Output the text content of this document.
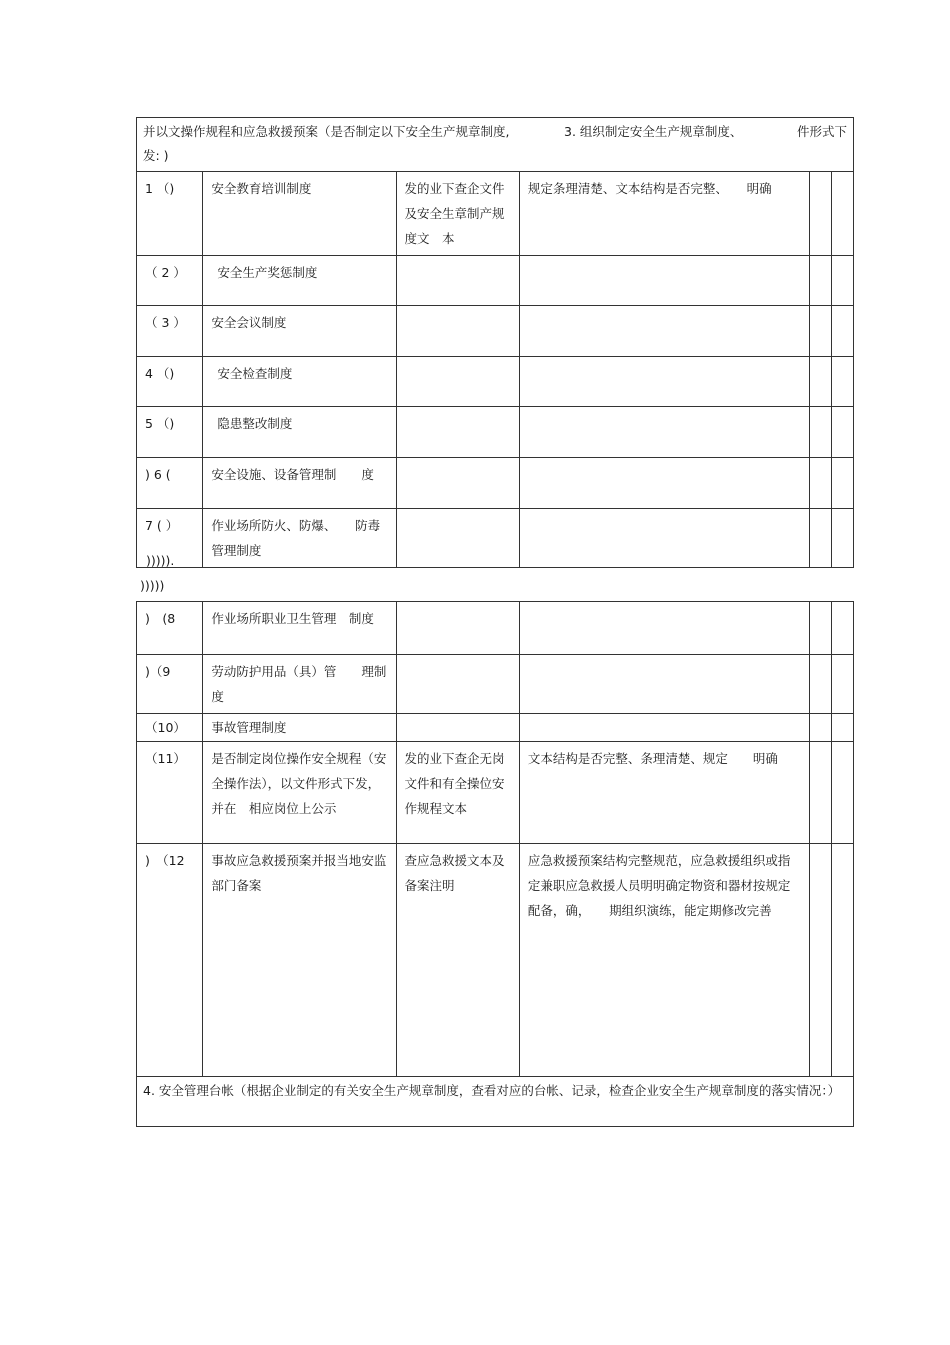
并以文操作规程和应急救援预案（是否制定以下安全生产规章制度, 3. 组织制定安全生产规章制度、 件形式下
发: )					

1 （)	安全教育培训制度	发的业下查企文件及安全生章制产规度文　本	规定条理清楚、文本结构是否完整、　　明确		
（ 2 ）	安全生产奖惩制度				
（ 3 ）	安全会议制度				
4 （)	安全检查制度				
5 （)	隐患整改制度				
) 6 (	安全设施、设备管理制　　度				
7 ( ）	作业场所防火、防爆、　　防毒管理制度				
))))).
)))))
)　(8	作业场所职业卫生管理　制度				
)（9	劳动防护用品（具）管　　理制度				
（10）	事故管理制度				
（11）	是否制定岗位操作安全规程（安全操作法），以文件形式下发，并在　相应岗位上公示	发的业下查企无岗文件和有全操位安作规程文本	文本结构是否完整、条理清楚、规定　　明确		
)　（12	事故应急救援预案并报当地安监部门备案	查应急救援文本及备案注明	应急救援预案结构完整规范，应急救援组织或指定兼职应急救援人员明明确定物资和器材按规定配备，确，　　期组织演练，能定期修改完善		
4. 安全管理台帐（根据企业制定的有关安全生产规章制度，查看对应的台帐、记录，检查企业安全生产规章制度的落实情况：）					
